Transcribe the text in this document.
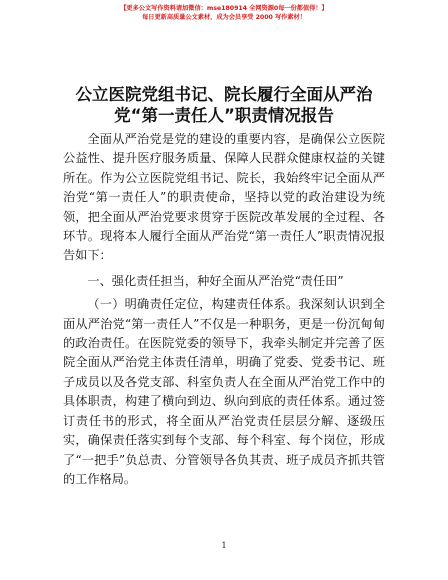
【更多公文写作资料请加微信：mse180914 全网资源0每一份都值得！】
每日更新高质量公文素材，成为会员享受 2000 写作素材！
公立医院党组书记、院长履行全面从严治
党“第一责任人”职责情况报告

全面从严治党是党的建设的重要内容，是确保公立医院公益性、提升医疗服务质量、保障人民群众健康权益的关键所在。作为公立医院党组书记、院长，我始终牢记全面从严治党“第一责任人”的职责使命，坚持以党的政治建设为统领，把全面从严治党要求贯穿于医院改革发展的全过程、各环节。现将本人履行全面从严治党“第一责任人”职责情况报告如下：

一、强化责任担当，种好全面从严治党“责任田”

（一）明确责任定位，构建责任体系。我深刻认识到全面从严治党“第一责任人”不仅是一种职务，更是一份沉甸甸的政治责任。在医院党委的领导下，我牵头制定并完善了医院全面从严治党主体责任清单，明确了党委、党委书记、班子成员以及各党支部、科室负责人在全面从严治党工作中的具体职责，构建了横向到边、纵向到底的责任体系。通过签订责任书的形式，将全面从严治党责任层层分解、逐级压实，确保责任落实到每个支部、每个科室、每个岗位，形成了“一把手”负总责、分管领导各负其责、班子成员齐抓共管的工作格局。

1
